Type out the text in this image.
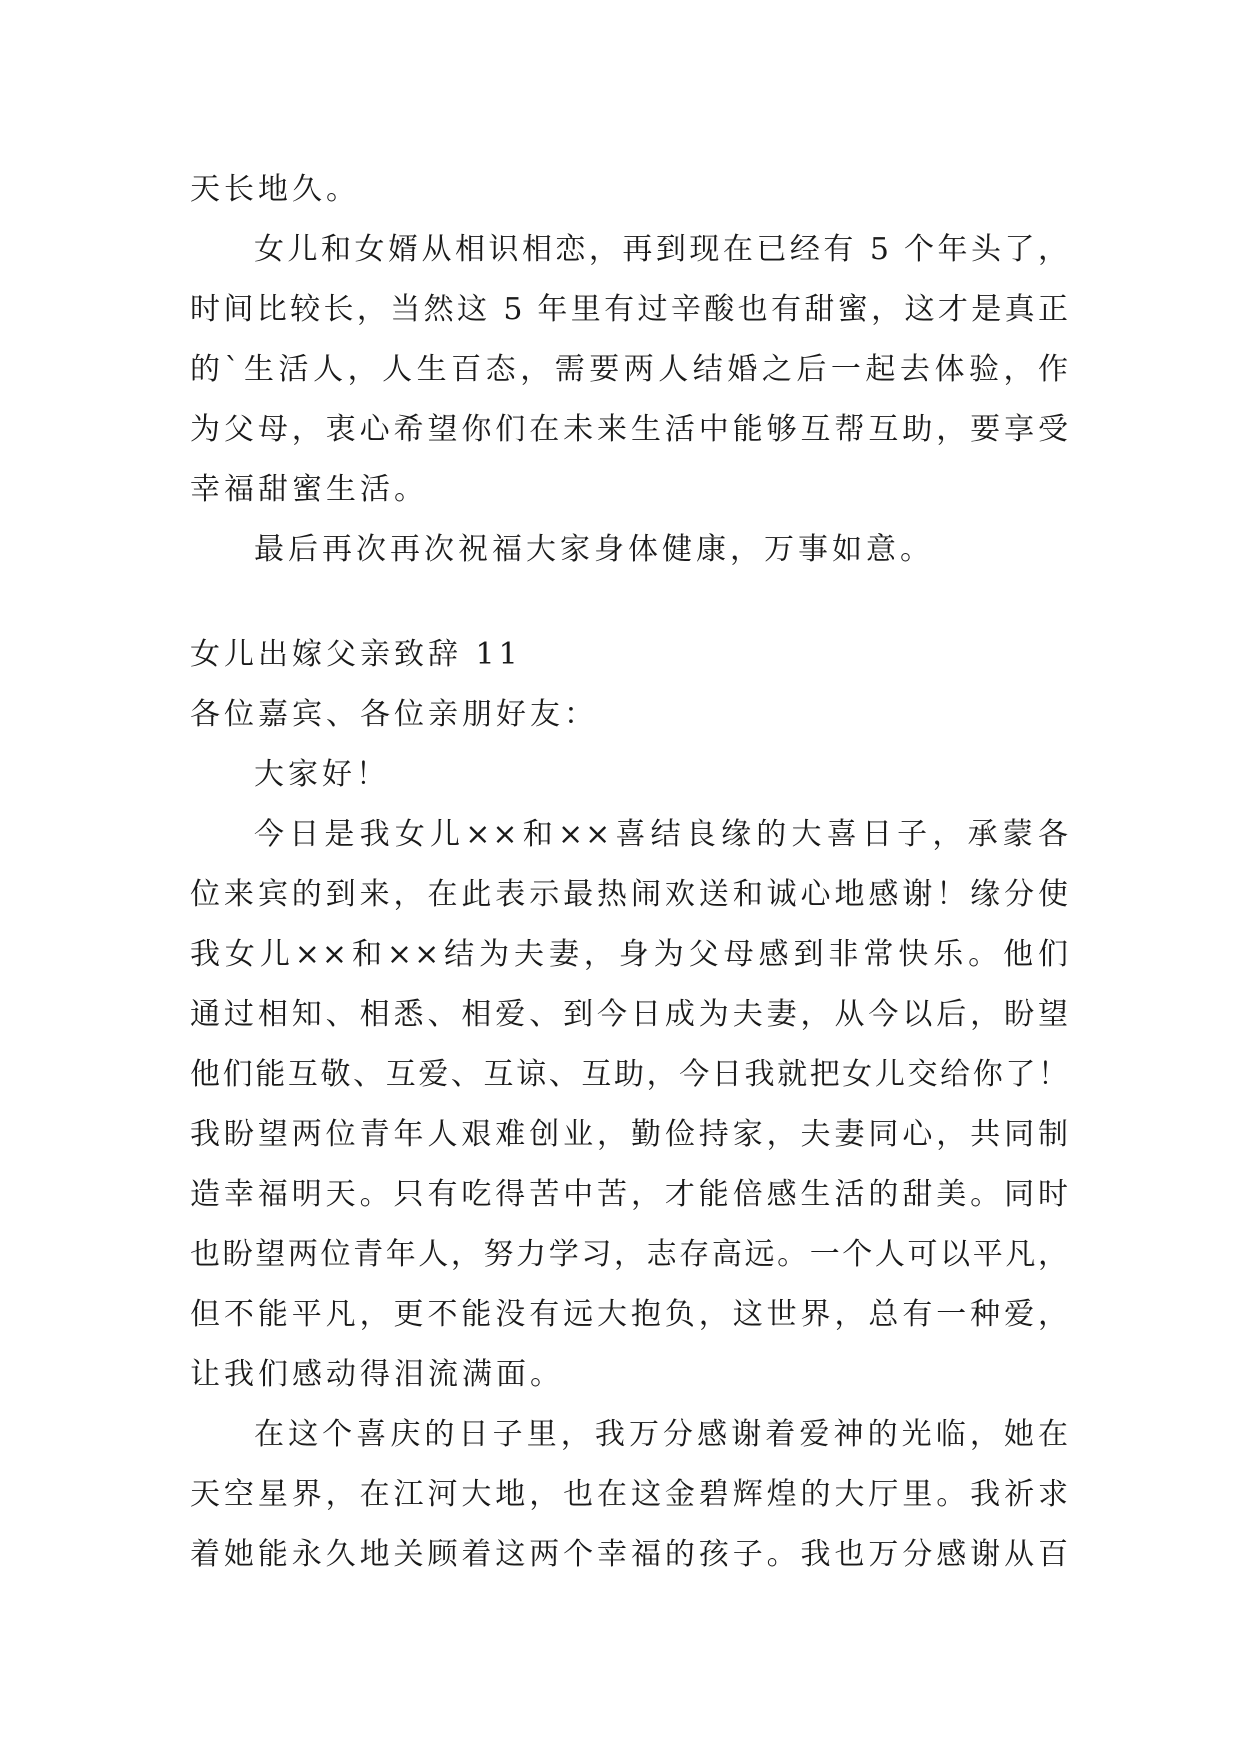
天长地久。
女儿和女婿从相识相恋，再到现在已经有 5 个年头了，
时间比较长，当然这 5 年里有过辛酸也有甜蜜，这才是真正
的`生活人，人生百态，需要两人结婚之后一起去体验，作
为父母，衷心希望你们在未来生活中能够互帮互助，要享受
幸福甜蜜生活。
最后再次再次祝福大家身体健康，万事如意。
女儿出嫁父亲致辞 11
各位嘉宾、各位亲朋好友：
大家好！
今日是我女儿××和××喜结良缘的大喜日子，承蒙各
位来宾的到来，在此表示最热闹欢送和诚心地感谢！缘分使
我女儿××和××结为夫妻，身为父母感到非常快乐。他们
通过相知、相悉、相爱、到今日成为夫妻，从今以后，盼望
他们能互敬、互爱、互谅、互助，今日我就把女儿交给你了！
我盼望两位青年人艰难创业，勤俭持家，夫妻同心，共同制
造幸福明天。只有吃得苦中苦，才能倍感生活的甜美。同时
也盼望两位青年人，努力学习，志存高远。一个人可以平凡，
但不能平凡，更不能没有远大抱负，这世界，总有一种爱，
让我们感动得泪流满面。
在这个喜庆的日子里，我万分感谢着爱神的光临，她在
天空星界，在江河大地，也在这金碧辉煌的大厅里。我祈求
着她能永久地关顾着这两个幸福的孩子。我也万分感谢从百
